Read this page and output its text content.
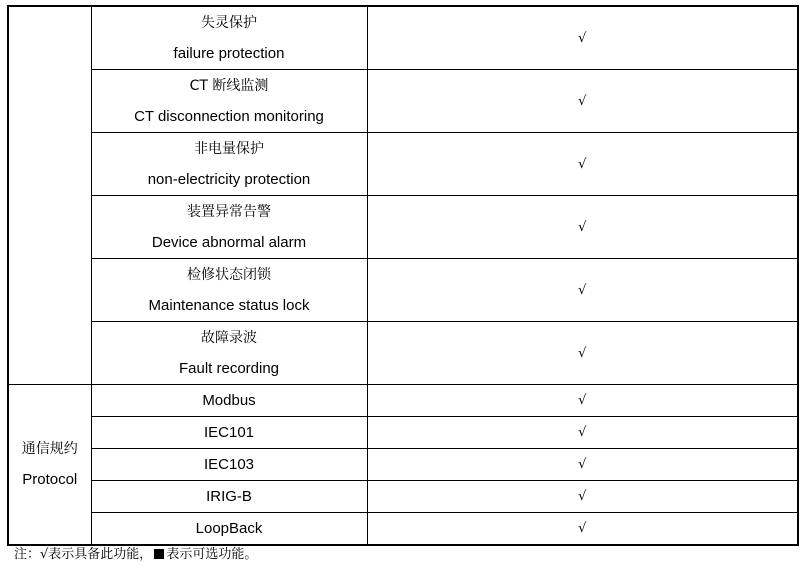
	失灵保护
failure protection	√

	CT 断线监测
CT disconnection monitoring	√

	非电量保护
non-electricity protection	√

	装置异常告警
Device abnormal alarm	√

	检修状态闭锁
Maintenance status lock	√

	故障录波
Fault recording	√

通信规约
Protocol	Modbus	√
	IEC101	√
	IEC103	√
	IRIG-B	√
	LoopBack	√
注：√表示具备此功能， 表示可选功能。
